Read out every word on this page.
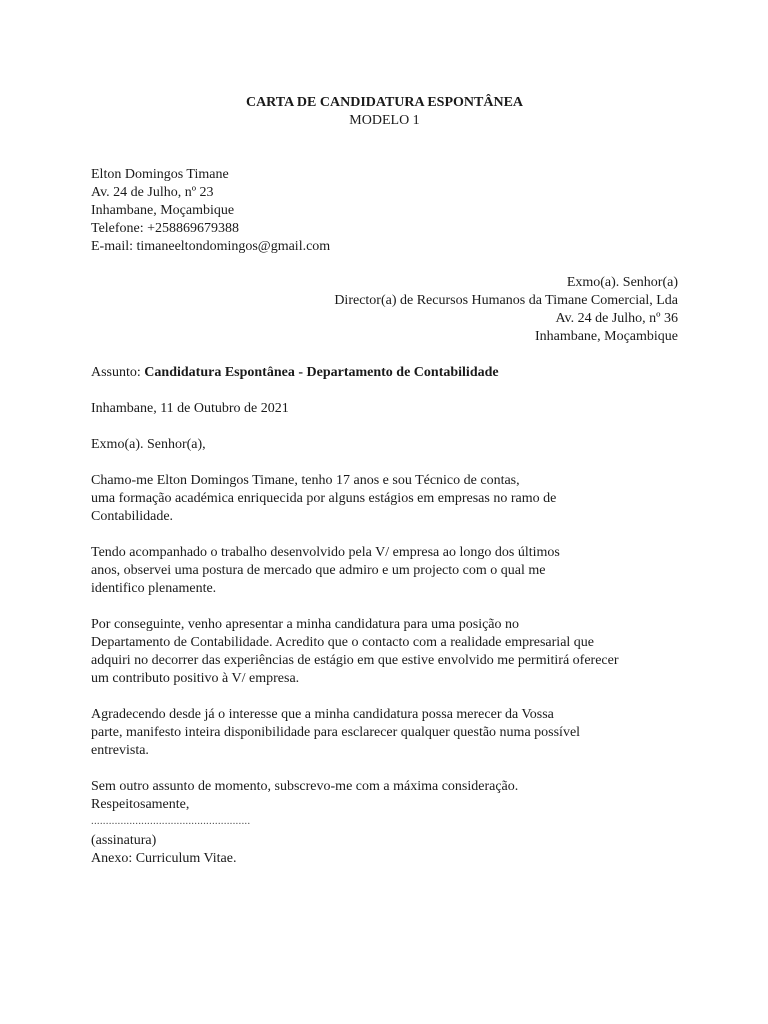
CARTA DE CANDIDATURA ESPONTÂNEA
MODELO 1
Elton Domingos Timane
Av. 24 de Julho, nº 23
Inhambane, Moçambique
Telefone: +258869679388
E-mail: timaneeltondomingos@gmail.com
Exmo(a). Senhor(a)
Director(a) de Recursos Humanos da Timane Comercial, Lda
Av. 24 de Julho, nº 36
Inhambane, Moçambique
Assunto: Candidatura Espontânea - Departamento de Contabilidade
Inhambane, 11 de Outubro de 2021
Exmo(a). Senhor(a),
Chamo-me Elton Domingos Timane, tenho 17 anos e sou Técnico de contas,
uma formação académica enriquecida por alguns estágios em empresas no ramo de
Contabilidade.
Tendo acompanhado o trabalho desenvolvido pela V/ empresa ao longo dos últimos
anos, observei uma postura de mercado que admiro e um projecto com o qual me
identifico plenamente.
Por conseguinte, venho apresentar a minha candidatura para uma posição no
Departamento de Contabilidade. Acredito que o contacto com a realidade empresarial que
adquiri no decorrer das experiências de estágio em que estive envolvido me permitirá oferecer
um contributo positivo à V/ empresa.
Agradecendo desde já o interesse que a minha candidatura possa merecer da Vossa
parte, manifesto inteira disponibilidade para esclarecer qualquer questão numa possível
entrevista.
Sem outro assunto de momento, subscrevo-me com a máxima consideração.
Respeitosamente,
......................................................
(assinatura)
Anexo: Curriculum Vitae.
